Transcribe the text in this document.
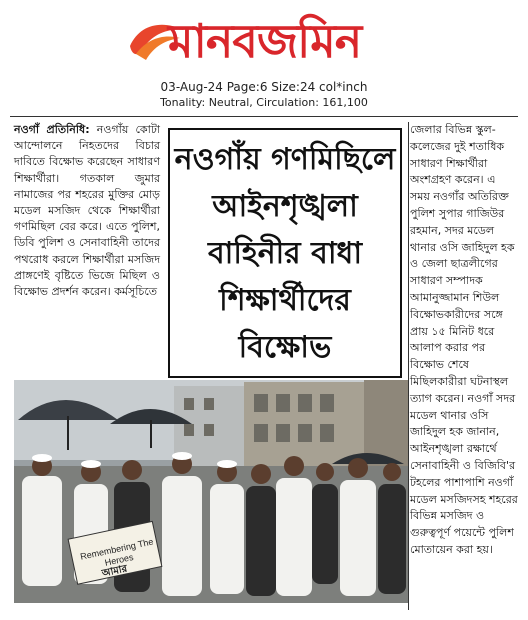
মানবজমিন
03-Aug-24 Page:6 Size:24 col*inch
Tonality: Neutral, Circulation: 161,100
নওগাঁ প্রতিনিধি: নওগাঁয় কোটা আন্দোলনে নিহতদের বিচার দাবিতে বিক্ষোভ করেছেন সাধারণ শিক্ষার্থীরা। গতকাল জুমার নামাজের পর শহরের মুক্তির মোড় মডেল মসজিদ থেকে শিক্ষার্থীরা গণমিছিল বের করে। এতে পুলিশ, ডিবি পুলিশ ও সেনাবাহিনী তাদের পথরোধ করলে শিক্ষার্থীরা মসজিদ প্রাঙ্গণেই বৃষ্টিতে ভিজে মিছিল ও বিক্ষোভ প্রদর্শন করেন। কর্মসূচিতে
নওগাঁয় গণমিছিলে
আইনশৃঙ্খলা
বাহিনীর বাধা
শিক্ষার্থীদের
বিক্ষোভ
জেলার বিভিন্ন স্কুল-কলেজের দুই শতাধিক সাধারণ শিক্ষার্থীরা অংশগ্রহণ করেন। এ সময় নওগাঁর অতিরিক্ত পুলিশ সুপার গাজিউর রহমান, সদর মডেল থানার ওসি জাহিদুল হক ও জেলা ছাত্রলীগের সাধারণ সম্পাদক আমানুজ্জামান শিউল বিক্ষোভকারীদের সঙ্গে প্রায় ১৫ মিনিট ধরে আলাপ করার পর বিক্ষোভ শেষে মিছিলকারীরা ঘটনাস্থল ত্যাগ করেন। নওগাঁ সদর মডেল থানার ওসি জাহিদুল হক জানান, আইনশৃঙ্খলা রক্ষার্থে সেনাবাহিনী ও বিজিবি'র টহলের পাশাপাশি নওগাঁ মডেল মসজিদসহ শহরের বিভিন্ন মসজিদ ও গুরুত্বপূর্ণ পয়েন্টে পুলিশ মোতায়েন করা হয়।
Remembering The Heroes
আমার
